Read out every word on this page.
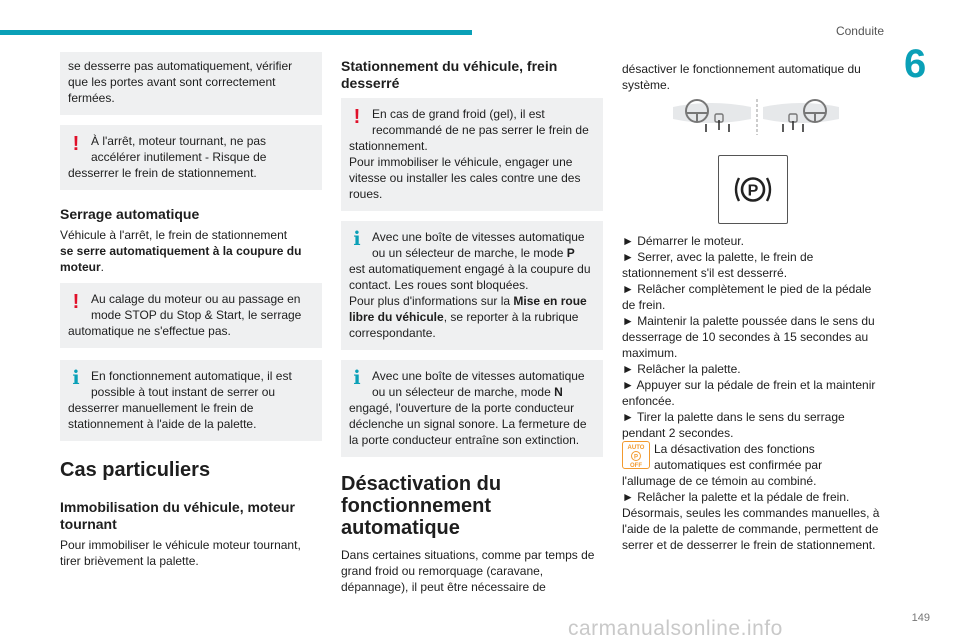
Conduite
6

se desserre pas automatiquement, vérifier que les portes avant sont correctement fermées.

! À l'arrêt, moteur tournant, ne pas
accélérer inutilement - Risque de
desserrer le frein de stationnement.
Serrage automatique

Véhicule à l'arrêt, le frein de stationnement
se serre automatiquement à la coupure du moteur.

! Au calage du moteur ou au passage en
mode STOP du Stop & Start, le serrage
automatique ne s'effectue pas.
i En fonctionnement automatique, il est
possible à tout instant de serrer ou
desserrer manuellement le frein de stationnement à l'aide de la palette.
Cas particuliers
Immobilisation du véhicule, moteur tournant

Pour immobiliser le véhicule moteur tournant, tirer brièvement la palette.

Stationnement du véhicule, frein desserré
! En cas de grand froid (gel), il est
recommandé de ne pas serrer le frein de
stationnement.
Pour immobiliser le véhicule, engager une vitesse ou installer les cales contre une des roues.
i Avec une boîte de vitesses automatique
ou un sélecteur de marche, le mode P
est automatiquement engagé à la coupure du contact. Les roues sont bloquées.
Pour plus d'informations sur la Mise en roue libre du véhicule, se reporter à la rubrique correspondante.
i Avec une boîte de vitesses automatique
ou un sélecteur de marche, mode N
engagé, l'ouverture de la porte conducteur déclenche un signal sonore. La fermeture de la porte conducteur entraîne son extinction.
Désactivation du fonctionnement automatique

Dans certaines situations, comme par temps de grand froid ou remorquage (caravane, dépannage), il peut être nécessaire de

désactiver le fonctionnement automatique du système.

P

► Démarrer le moteur.

► Serrer, avec la palette, le frein de stationnement s'il est desserré.

► Relâcher complètement le pied de la pédale de frein.

► Maintenir la palette poussée dans le sens du desserrage de 10 secondes à 15 secondes au maximum.

► Relâcher la palette.

► Appuyer sur la pédale de frein et la maintenir enfoncée.

► Tirer la palette dans le sens du serrage pendant 2 secondes.

AUTO
P
OFF
La désactivation des fonctions
automatiques est confirmée par

l'allumage de ce témoin au combiné.

► Relâcher la palette et la pédale de frein.

Désormais, seules les commandes manuelles, à l'aide de la palette de commande, permettent de serrer et de desserrer le frein de stationnement.

149
carmanualsonline.info
